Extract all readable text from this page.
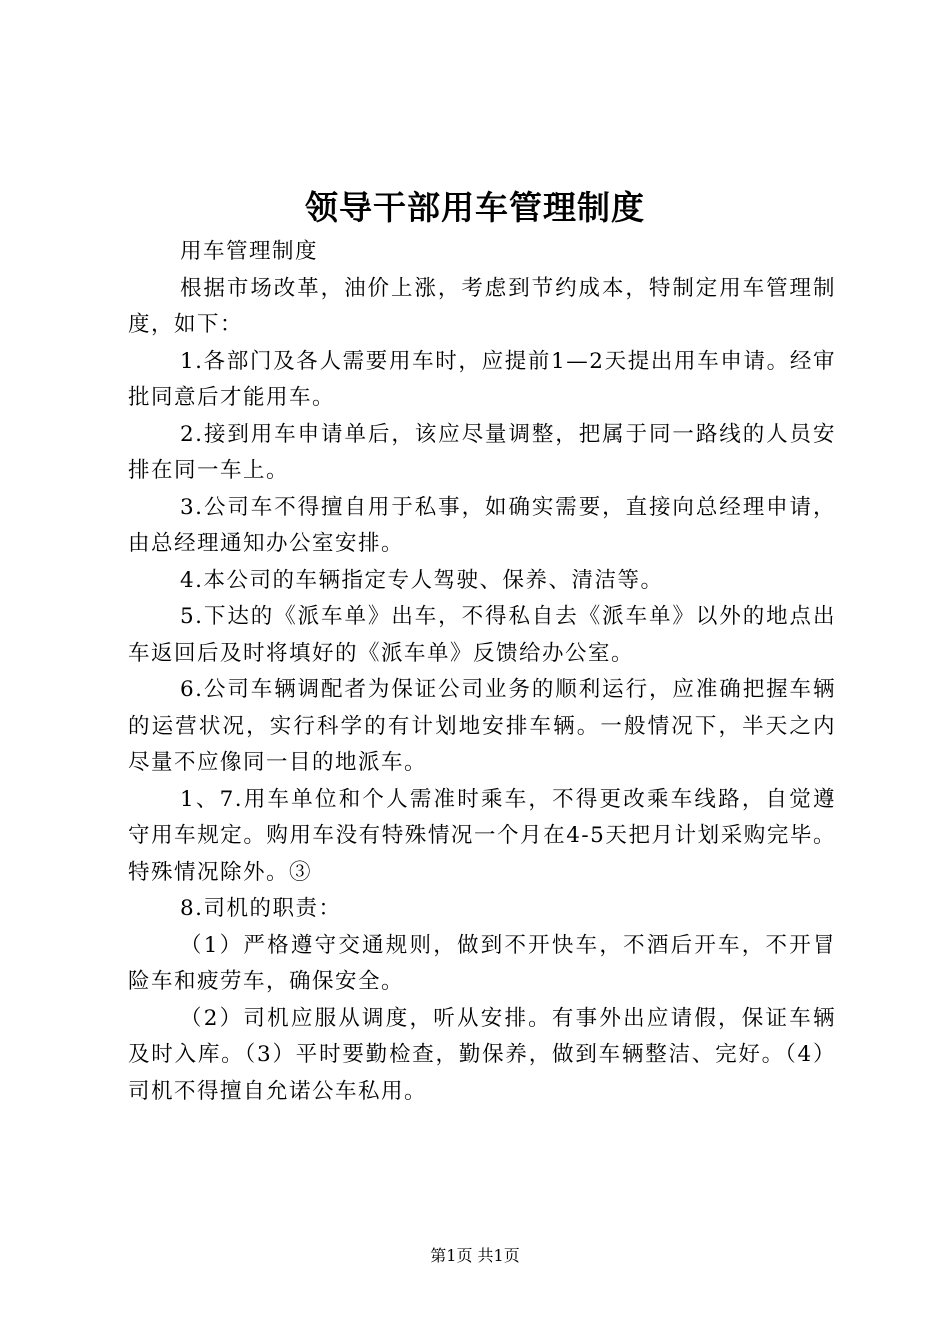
领导干部用车管理制度

用车管理制度

根据市场改革，油价上涨，考虑到节约成本，特制定用车管理制度，如下：

1.各部门及各人需要用车时，应提前1—2天提出用车申请。经审批同意后才能用车。

2.接到用车申请单后，该应尽量调整，把属于同一路线的人员安排在同一车上。

3.公司车不得擅自用于私事，如确实需要，直接向总经理申请，由总经理通知办公室安排。

4.本公司的车辆指定专人驾驶、保养、清洁等。

5.下达的《派车单》出车，不得私自去《派车单》以外的地点出车返回后及时将填好的《派车单》反馈给办公室。

6.公司车辆调配者为保证公司业务的顺利运行，应准确把握车辆的运营状况，实行科学的有计划地安排车辆。一般情况下，半天之内尽量不应像同一目的地派车。

1、7.用车单位和个人需准时乘车，不得更改乘车线路，自觉遵守用车规定。购用车没有特殊情况一个月在4-5天把月计划采购完毕。特殊情况除外。③

8.司机的职责：

（1）严格遵守交通规则，做到不开快车，不酒后开车，不开冒险车和疲劳车，确保安全。

（2）司机应服从调度，听从安排。有事外出应请假，保证车辆及时入库。（3）平时要勤检查，勤保养，做到车辆整洁、完好。（4）司机不得擅自允诺公车私用。

第1页 共1页
